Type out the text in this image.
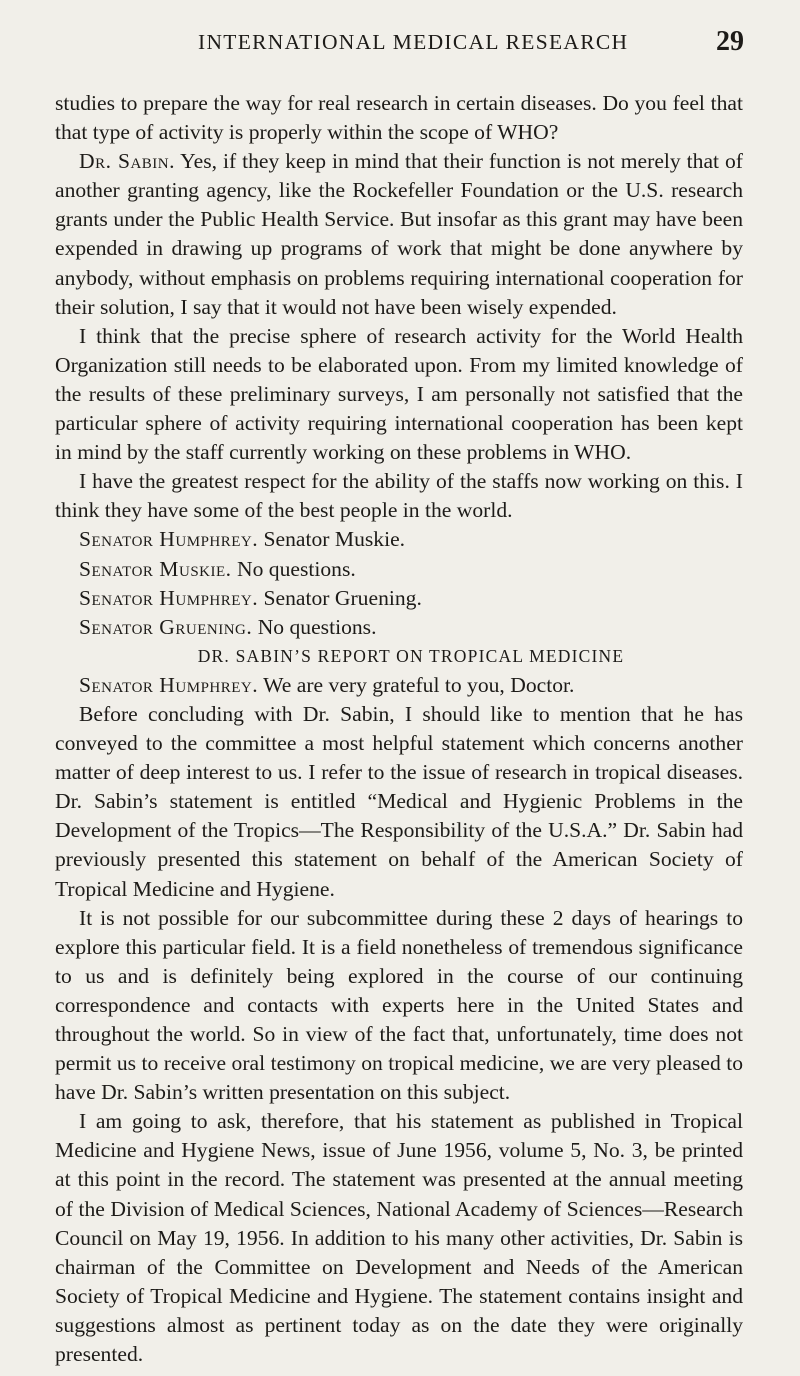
INTERNATIONAL MEDICAL RESEARCH	29

studies to prepare the way for real research in certain diseases. Do you feel that that type of activity is properly within the scope of WHO?

Dr. Sabin. Yes, if they keep in mind that their function is not merely that of another granting agency, like the Rockefeller Foundation or the U.S. research grants under the Public Health Service. But insofar as this grant may have been expended in drawing up programs of work that might be done anywhere by anybody, without emphasis on problems requiring international cooperation for their solution, I say that it would not have been wisely expended.

I think that the precise sphere of research activity for the World Health Organization still needs to be elaborated upon. From my limited knowledge of the results of these preliminary surveys, I am personally not satisfied that the particular sphere of activity requiring international cooperation has been kept in mind by the staff currently working on these problems in WHO.

I have the greatest respect for the ability of the staffs now working on this. I think they have some of the best people in the world.

Senator Humphrey. Senator Muskie.

Senator Muskie. No questions.

Senator Humphrey. Senator Gruening.

Senator Gruening. No questions.

DR. SABIN’S REPORT ON TROPICAL MEDICINE

Senator Humphrey. We are very grateful to you, Doctor.

Before concluding with Dr. Sabin, I should like to mention that he has conveyed to the committee a most helpful statement which concerns another matter of deep interest to us. I refer to the issue of research in tropical diseases. Dr. Sabin’s statement is entitled “Medical and Hygienic Problems in the Development of the Tropics—The Responsibility of the U.S.A.” Dr. Sabin had previously presented this statement on behalf of the American Society of Tropical Medicine and Hygiene.

It is not possible for our subcommittee during these 2 days of hearings to explore this particular field. It is a field nonetheless of tremendous significance to us and is definitely being explored in the course of our continuing correspondence and contacts with experts here in the United States and throughout the world. So in view of the fact that, unfortunately, time does not permit us to receive oral testimony on tropical medicine, we are very pleased to have Dr. Sabin’s written presentation on this subject.

I am going to ask, therefore, that his statement as published in Tropical Medicine and Hygiene News, issue of June 1956, volume 5, No. 3, be printed at this point in the record. The statement was presented at the annual meeting of the Division of Medical Sciences, National Academy of Sciences—Research Council on May 19, 1956. In addition to his many other activities, Dr. Sabin is chairman of the Committee on Development and Needs of the American Society of Tropical Medicine and Hygiene. The statement contains insight and suggestions almost as pertinent today as on the date they were originally presented.
